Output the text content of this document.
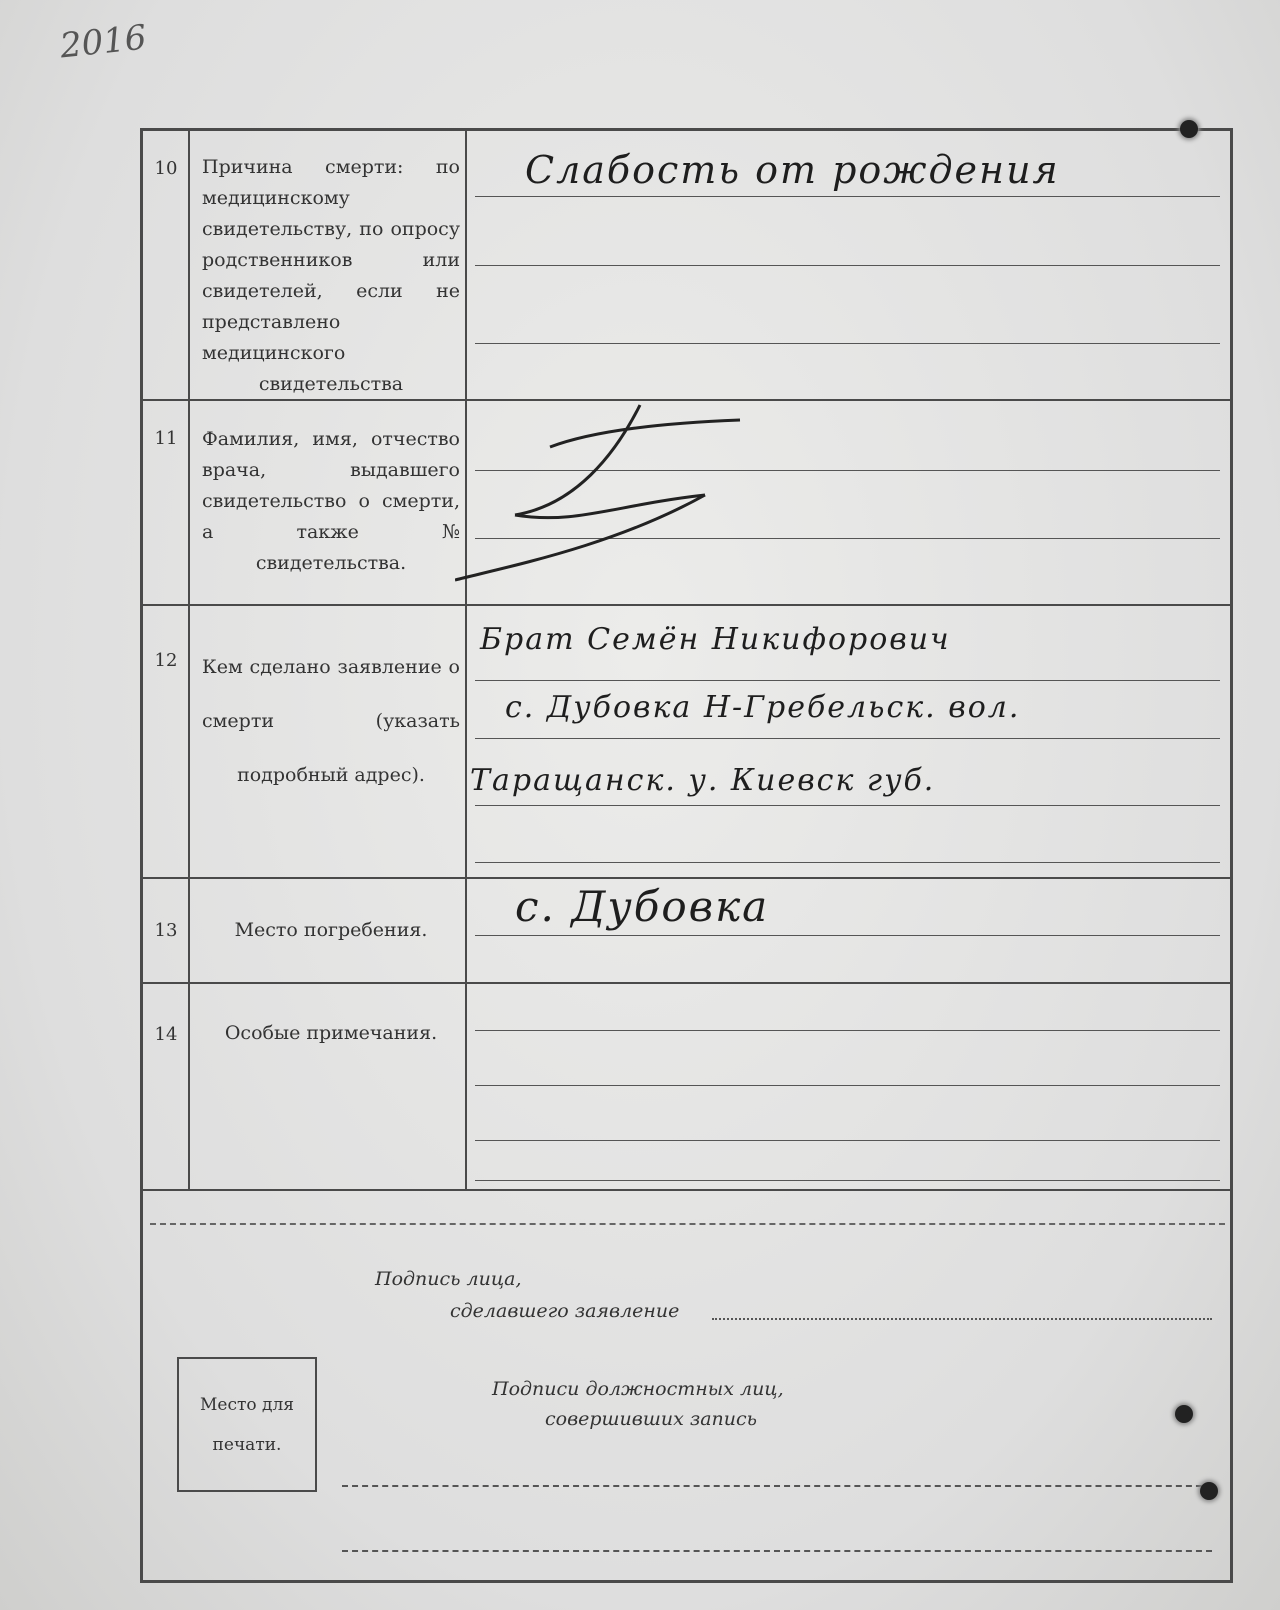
2016
10	Причина смерти: по медицинскому свидетельству, по опросу родственников или свидетелей, если не представлено медицинского свидетельства
Слабость от рождения
11	Фамилия, имя, отчество врача, выдавшего свидетельство о смерти, а также № свидетельства.
12	Кем сделано заявление о смерти (указать подробный адрес).
Брат Семён Никифорович
с. Дубовка Н-Гребельск. вол.
Таращанск. у. Киевск губ.
13	Место погребения.	с. Дубовка
14	Особые примечания.
Подпись лица,
сделавшего заявление
Место для
печати.
Подписи должностных лиц,
совершивших запись
